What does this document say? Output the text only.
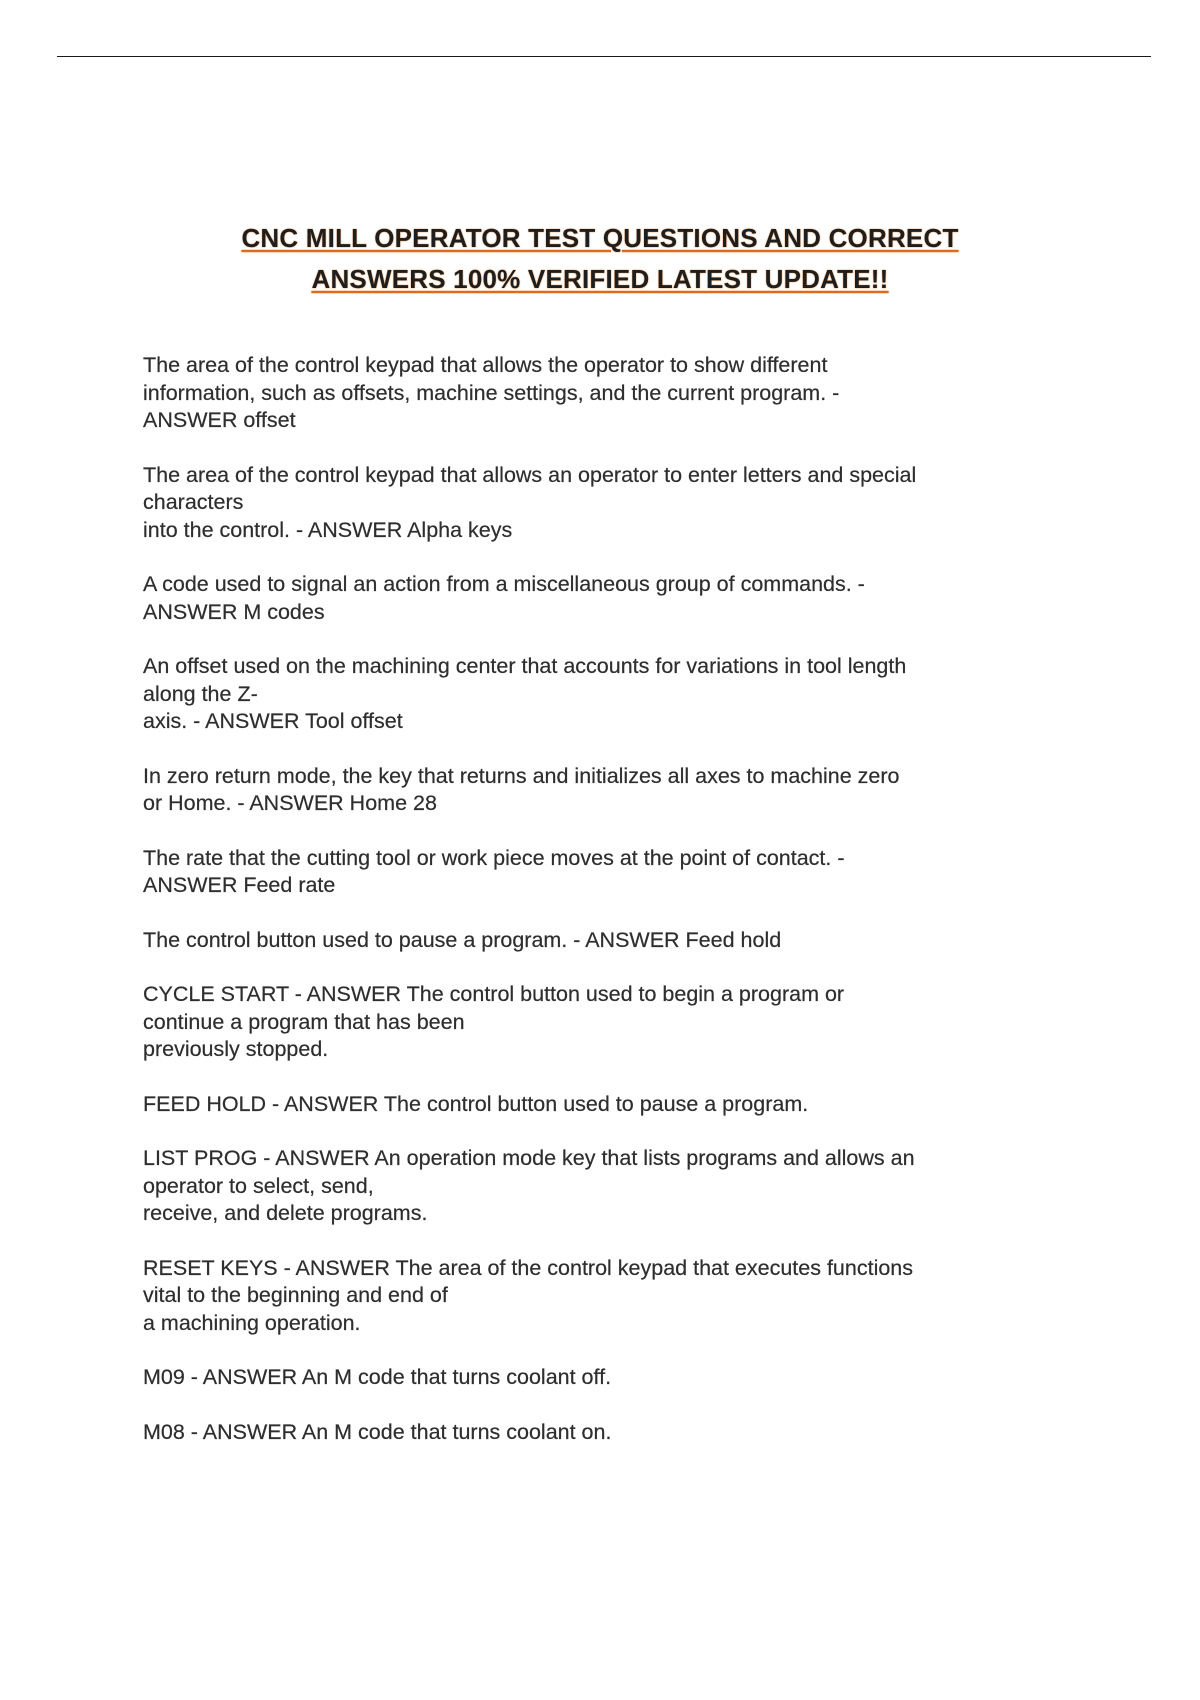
CNC MILL OPERATOR TEST QUESTIONS AND CORRECT
ANSWERS 100% VERIFIED LATEST UPDATE!!
The area of the control keypad that allows the operator to show different
information, such as offsets, machine settings, and the current program. -
ANSWER offset
The area of the control keypad that allows an operator to enter letters and special
characters
into the control. - ANSWER Alpha keys
A code used to signal an action from a miscellaneous group of commands. -
ANSWER M codes
An offset used on the machining center that accounts for variations in tool length
along the Z-
axis. - ANSWER Tool offset
In zero return mode, the key that returns and initializes all axes to machine zero
or Home. - ANSWER Home 28
The rate that the cutting tool or work piece moves at the point of contact. -
ANSWER Feed rate
The control button used to pause a program. - ANSWER Feed hold
CYCLE START - ANSWER The control button used to begin a program or
continue a program that has been
previously stopped.
FEED HOLD - ANSWER The control button used to pause a program.
LIST PROG - ANSWER An operation mode key that lists programs and allows an
operator to select, send,
receive, and delete programs.
RESET KEYS - ANSWER The area of the control keypad that executes functions
vital to the beginning and end of
a machining operation.
M09 - ANSWER An M code that turns coolant off.
M08 - ANSWER An M code that turns coolant on.
